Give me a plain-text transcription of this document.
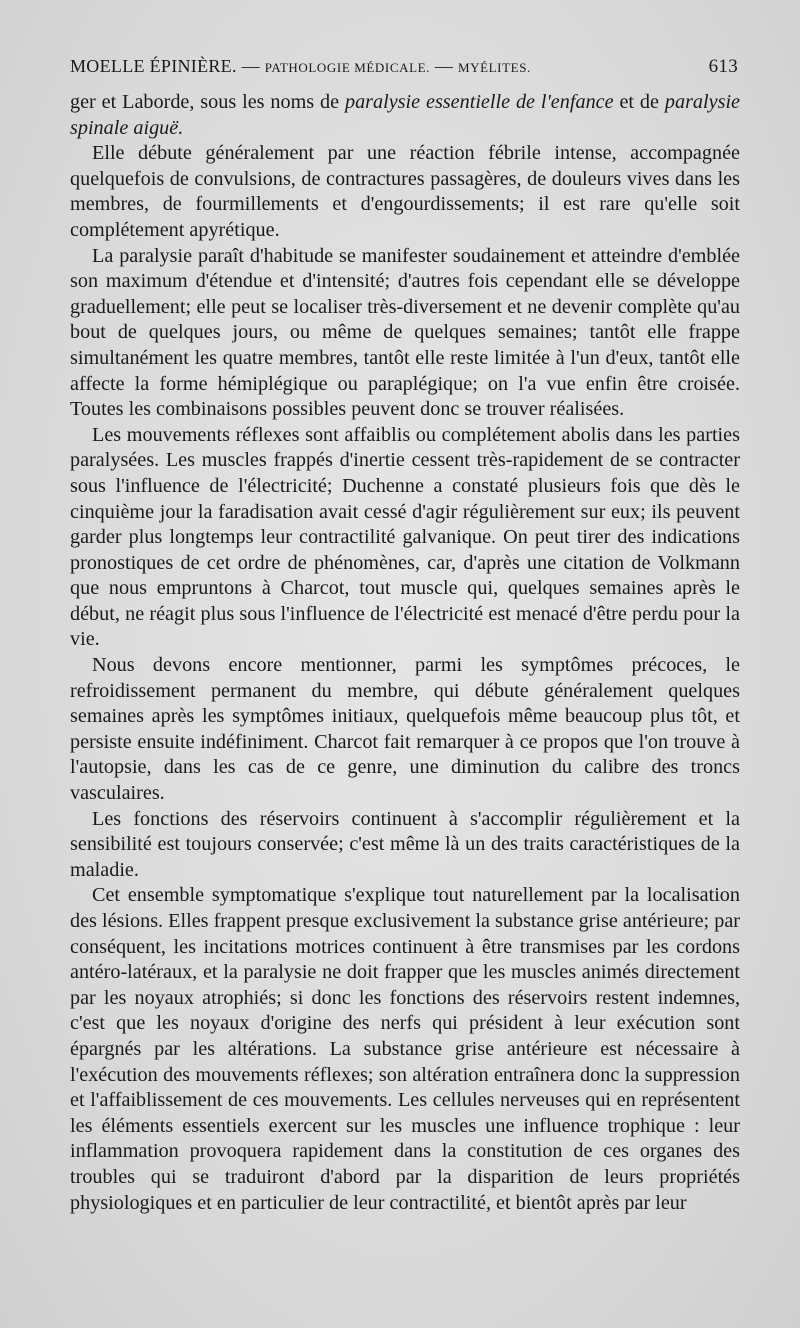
MOELLE ÉPINIÈRE. — PATHOLOGIE MÉDICALE. — MYÉLITES.	613

ger et Laborde, sous les noms de paralysie essentielle de l'enfance et de paralysie spinale aiguë.

Elle débute généralement par une réaction fébrile intense, accompagnée quelquefois de convulsions, de contractures passagères, de douleurs vives dans les membres, de fourmillements et d'engourdissements; il est rare qu'elle soit complétement apyrétique.

La paralysie paraît d'habitude se manifester soudainement et atteindre d'emblée son maximum d'étendue et d'intensité; d'autres fois cependant elle se développe graduellement; elle peut se localiser très-diversement et ne devenir complète qu'au bout de quelques jours, ou même de quelques semaines; tantôt elle frappe simultanément les quatre membres, tantôt elle reste limitée à l'un d'eux, tantôt elle affecte la forme hémiplégique ou paraplégique; on l'a vue enfin être croisée. Toutes les combinaisons possibles peuvent donc se trouver réalisées.

Les mouvements réflexes sont affaiblis ou complétement abolis dans les parties paralysées. Les muscles frappés d'inertie cessent très-rapidement de se contracter sous l'influence de l'électricité; Duchenne a constaté plusieurs fois que dès le cinquième jour la faradisation avait cessé d'agir régulièrement sur eux; ils peuvent garder plus longtemps leur contractilité galvanique. On peut tirer des indications pronostiques de cet ordre de phénomènes, car, d'après une citation de Volkmann que nous empruntons à Charcot, tout muscle qui, quelques semaines après le début, ne réagit plus sous l'influence de l'électricité est menacé d'être perdu pour la vie.

Nous devons encore mentionner, parmi les symptômes précoces, le refroidissement permanent du membre, qui débute généralement quelques semaines après les symptômes initiaux, quelquefois même beaucoup plus tôt, et persiste ensuite indéfiniment. Charcot fait remarquer à ce propos que l'on trouve à l'autopsie, dans les cas de ce genre, une diminution du calibre des troncs vasculaires.

Les fonctions des réservoirs continuent à s'accomplir régulièrement et la sensibilité est toujours conservée; c'est même là un des traits caractéristiques de la maladie.

Cet ensemble symptomatique s'explique tout naturellement par la localisation des lésions. Elles frappent presque exclusivement la substance grise antérieure; par conséquent, les incitations motrices continuent à être transmises par les cordons antéro-latéraux, et la paralysie ne doit frapper que les muscles animés directement par les noyaux atrophiés; si donc les fonctions des réservoirs restent indemnes, c'est que les noyaux d'origine des nerfs qui président à leur exécution sont épargnés par les altérations. La substance grise antérieure est nécessaire à l'exécution des mouvements réflexes; son altération entraînera donc la suppression et l'affaiblissement de ces mouvements. Les cellules nerveuses qui en représentent les éléments essentiels exercent sur les muscles une influence trophique : leur inflammation provoquera rapidement dans la constitution de ces organes des troubles qui se traduiront d'abord par la disparition de leurs propriétés physiologiques et en particulier de leur contractilité, et bientôt après par leur
